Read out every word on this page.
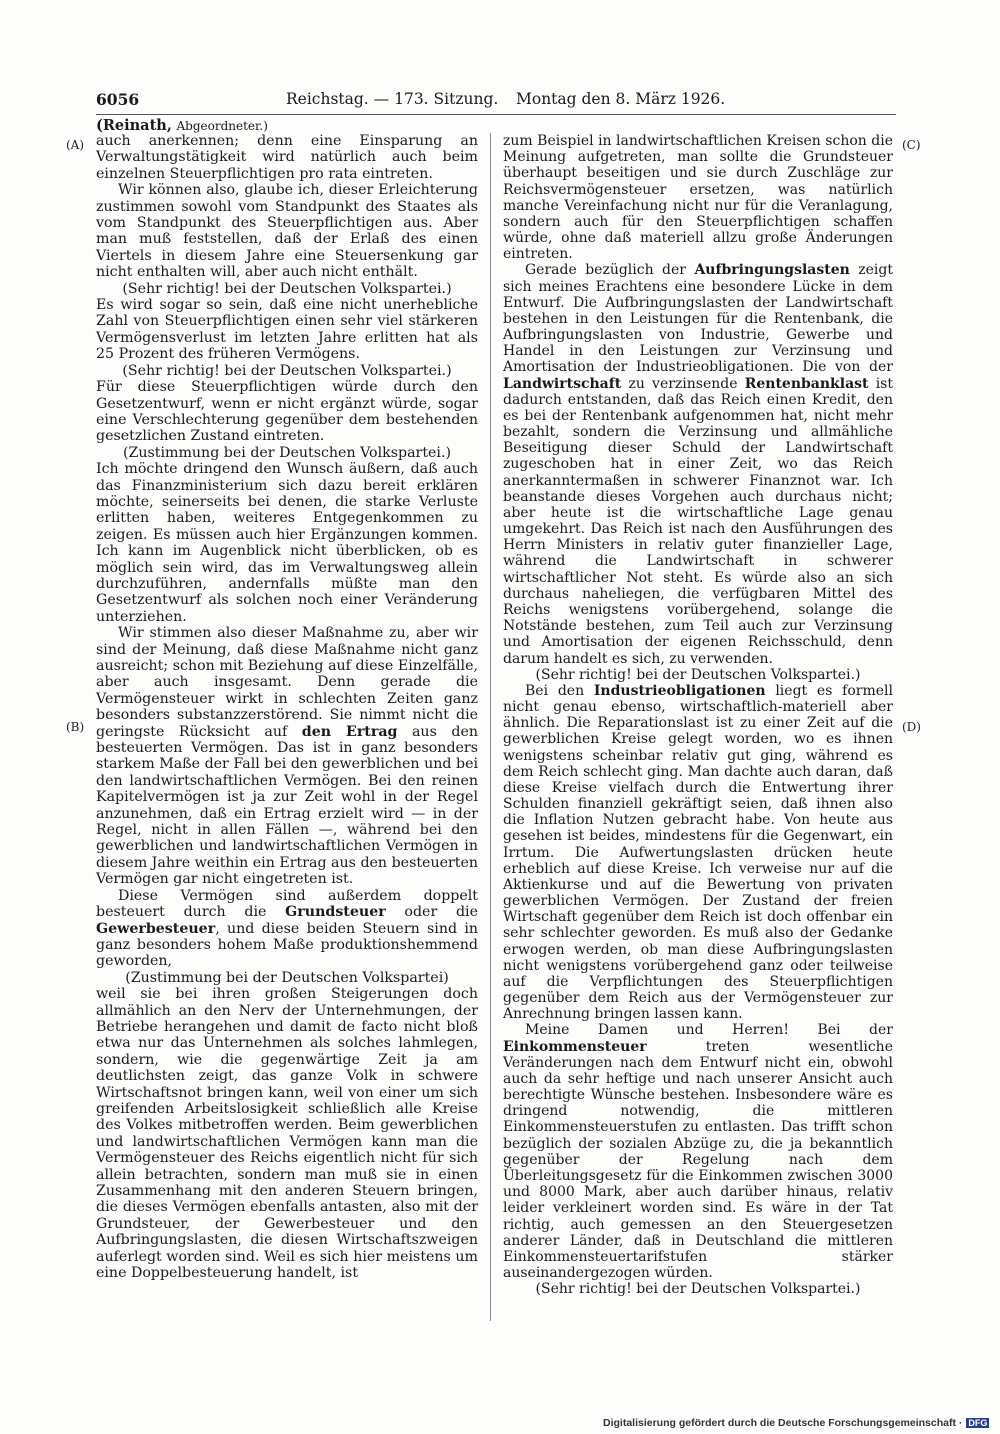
6056	Reichstag. — 173. Sitzung. Montag den 8. März 1926.
(Reinath, Abgeordneter.)
(A)
(B)
(C)
(D)

auch anerkennen; denn eine Einsparung an Verwaltungstätigkeit wird natürlich auch beim einzelnen Steuerpflichtigen pro rata eintreten.

Wir können also, glaube ich, dieser Erleichterung zustimmen sowohl vom Standpunkt des Staates als vom Standpunkt des Steuerpflichtigen aus. Aber man muß feststellen, daß der Erlaß des einen Viertels in diesem Jahre eine Steuersenkung gar nicht enthalten will, aber auch nicht enthält.

(Sehr richtig! bei der Deutschen Volkspartei.)

Es wird sogar so sein, daß eine nicht unerhebliche Zahl von Steuerpflichtigen einen sehr viel stärkeren Vermögensverlust im letzten Jahre erlitten hat als 25 Prozent des früheren Vermögens.

(Sehr richtig! bei der Deutschen Volkspartei.)

Für diese Steuerpflichtigen würde durch den Gesetzentwurf, wenn er nicht ergänzt würde, sogar eine Verschlechterung gegenüber dem bestehenden gesetzlichen Zustand eintreten.

(Zustimmung bei der Deutschen Volkspartei.)

Ich möchte dringend den Wunsch äußern, daß auch das Finanzministerium sich dazu bereit erklären möchte, seinerseits bei denen, die starke Verluste erlitten haben, weiteres Entgegenkommen zu zeigen. Es müssen auch hier Ergänzungen kommen. Ich kann im Augenblick nicht überblicken, ob es möglich sein wird, das im Verwaltungsweg allein durchzuführen, andernfalls müßte man den Gesetzentwurf als solchen noch einer Veränderung unterziehen.

Wir stimmen also dieser Maßnahme zu, aber wir sind der Meinung, daß diese Maßnahme nicht ganz ausreicht; schon mit Beziehung auf diese Einzelfälle, aber auch insgesamt. Denn gerade die Vermögensteuer wirkt in schlechten Zeiten ganz besonders substanzzerstörend. Sie nimmt nicht die geringste Rücksicht auf den Ertrag aus den besteuerten Vermögen. Das ist in ganz besonders starkem Maße der Fall bei den gewerblichen und bei den landwirtschaftlichen Vermögen. Bei den reinen Kapitelvermögen ist ja zur Zeit wohl in der Regel anzunehmen, daß ein Ertrag erzielt wird — in der Regel, nicht in allen Fällen —, während bei den gewerblichen und landwirtschaftlichen Vermögen in diesem Jahre weithin ein Ertrag aus den besteuerten Vermögen gar nicht eingetreten ist.

Diese Vermögen sind außerdem doppelt besteuert durch die Grundsteuer oder die Gewerbesteuer, und diese beiden Steuern sind in ganz besonders hohem Maße produktionshemmend geworden,

(Zustimmung bei der Deutschen Volkspartei)

weil sie bei ihren großen Steigerungen doch allmählich an den Nerv der Unternehmungen, der Betriebe herangehen und damit de facto nicht bloß etwa nur das Unternehmen als solches lahmlegen, sondern, wie die gegenwärtige Zeit ja am deutlichsten zeigt, das ganze Volk in schwere Wirtschaftsnot bringen kann, weil von einer um sich greifenden Arbeitslosigkeit schließlich alle Kreise des Volkes mitbetroffen werden. Beim gewerblichen und landwirtschaftlichen Vermögen kann man die Vermögensteuer des Reichs eigentlich nicht für sich allein betrachten, sondern man muß sie in einen Zusammenhang mit den anderen Steuern bringen, die dieses Vermögen ebenfalls antasten, also mit der Grundsteuer, der Gewerbesteuer und den Aufbringungslasten, die diesen Wirtschaftszweigen auferlegt worden sind. Weil es sich hier meistens um eine Doppelbesteuerung handelt, ist

zum Beispiel in landwirtschaftlichen Kreisen schon die Meinung aufgetreten, man sollte die Grundsteuer überhaupt beseitigen und sie durch Zuschläge zur Reichsvermögensteuer ersetzen, was natürlich manche Vereinfachung nicht nur für die Veranlagung, sondern auch für den Steuerpflichtigen schaffen würde, ohne daß materiell allzu große Änderungen eintreten.

Gerade bezüglich der Aufbringungslasten zeigt sich meines Erachtens eine besondere Lücke in dem Entwurf. Die Aufbringungslasten der Landwirtschaft bestehen in den Leistungen für die Rentenbank, die Aufbringungslasten von Industrie, Gewerbe und Handel in den Leistungen zur Verzinsung und Amortisation der Industrieobligationen. Die von der Landwirtschaft zu verzinsende Rentenbanklast ist dadurch entstanden, daß das Reich einen Kredit, den es bei der Rentenbank aufgenommen hat, nicht mehr bezahlt, sondern die Verzinsung und allmähliche Beseitigung dieser Schuld der Landwirtschaft zugeschoben hat in einer Zeit, wo das Reich anerkanntermaßen in schwerer Finanznot war. Ich beanstande dieses Vorgehen auch durchaus nicht; aber heute ist die wirtschaftliche Lage genau umgekehrt. Das Reich ist nach den Ausführungen des Herrn Ministers in relativ guter finanzieller Lage, während die Landwirtschaft in schwerer wirtschaftlicher Not steht. Es würde also an sich durchaus naheliegen, die verfügbaren Mittel des Reichs wenigstens vorübergehend, solange die Notstände bestehen, zum Teil auch zur Verzinsung und Amortisation der eigenen Reichsschuld, denn darum handelt es sich, zu verwenden.

(Sehr richtig! bei der Deutschen Volkspartei.)

Bei den Industrieobligationen liegt es formell nicht genau ebenso, wirtschaftlich-materiell aber ähnlich. Die Reparationslast ist zu einer Zeit auf die gewerblichen Kreise gelegt worden, wo es ihnen wenigstens scheinbar relativ gut ging, während es dem Reich schlecht ging. Man dachte auch daran, daß diese Kreise vielfach durch die Entwertung ihrer Schulden finanziell gekräftigt seien, daß ihnen also die Inflation Nutzen gebracht habe. Von heute aus gesehen ist beides, mindestens für die Gegenwart, ein Irrtum. Die Aufwertungslasten drücken heute erheblich auf diese Kreise. Ich verweise nur auf die Aktienkurse und auf die Bewertung von privaten gewerblichen Vermögen. Der Zustand der freien Wirtschaft gegenüber dem Reich ist doch offenbar ein sehr schlechter geworden. Es muß also der Gedanke erwogen werden, ob man diese Aufbringungslasten nicht wenigstens vorübergehend ganz oder teilweise auf die Verpflichtungen des Steuerpflichtigen gegenüber dem Reich aus der Vermögensteuer zur Anrechnung bringen lassen kann.

Meine Damen und Herren! Bei der Einkommensteuer treten wesentliche Veränderungen nach dem Entwurf nicht ein, obwohl auch da sehr heftige und nach unserer Ansicht auch berechtigte Wünsche bestehen. Insbesondere wäre es dringend notwendig, die mittleren Einkommensteuerstufen zu entlasten. Das trifft schon bezüglich der sozialen Abzüge zu, die ja bekanntlich gegenüber der Regelung nach dem Überleitungsgesetz für die Einkommen zwischen 3000 und 8000 Mark, aber auch darüber hinaus, relativ leider verkleinert worden sind. Es wäre in der Tat richtig, auch gemessen an den Steuergesetzen anderer Länder, daß in Deutschland die mittleren Einkommensteuertarifstufen stärker auseinandergezogen würden.

(Sehr richtig! bei der Deutschen Volkspartei.)

Digitalisierung gefördert durch die Deutsche Forschungsgemeinschaft · DFG
